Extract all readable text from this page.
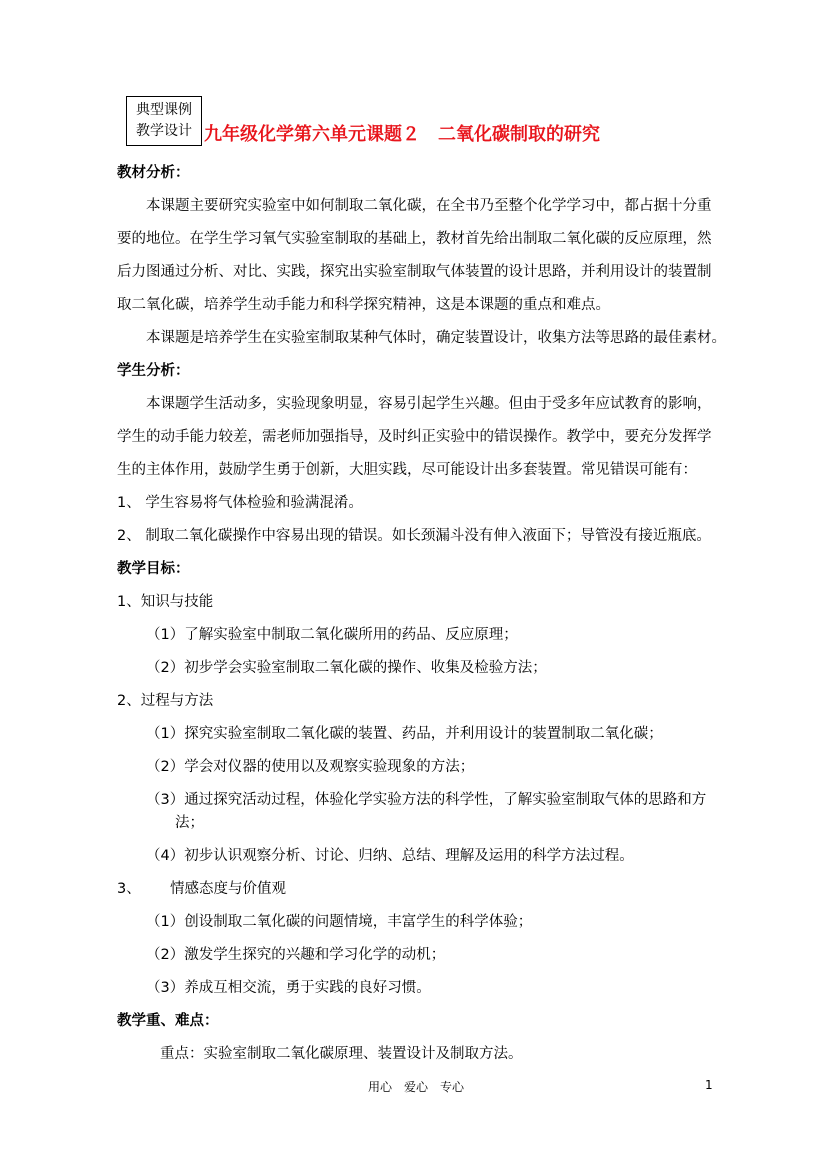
典型课例
教学设计 九年级化学第六单元课题２　二氧化碳制取的研究
教材分析：
本课题主要研究实验室中如何制取二氧化碳，在全书乃至整个化学学习中，都占据十分重
要的地位。在学生学习氧气实验室制取的基础上，教材首先给出制取二氧化碳的反应原理，然
后力图通过分析、对比、实践，探究出实验室制取气体装置的设计思路，并利用设计的装置制
取二氧化碳，培养学生动手能力和科学探究精神，这是本课题的重点和难点。
本课题是培养学生在实验室制取某种气体时，确定装置设计，收集方法等思路的最佳素材。
学生分析：
本课题学生活动多，实验现象明显，容易引起学生兴趣。但由于受多年应试教育的影响，
学生的动手能力较差，需老师加强指导，及时纠正实验中的错误操作。教学中，要充分发挥学
生的主体作用，鼓励学生勇于创新，大胆实践，尽可能设计出多套装置。常见错误可能有：
1、 学生容易将气体检验和验满混淆。
2、 制取二氧化碳操作中容易出现的错误。如长颈漏斗没有伸入液面下；导管没有接近瓶底。
教学目标：
1、知识与技能
（1）了解实验室中制取二氧化碳所用的药品、反应原理；
（2）初步学会实验室制取二氧化碳的操作、收集及检验方法；
2、过程与方法
（1）探究实验室制取二氧化碳的装置、药品，并利用设计的装置制取二氧化碳；
（2）学会对仪器的使用以及观察实验现象的方法；
（3）通过探究活动过程，体验化学实验方法的科学性，了解实验室制取气体的思路和方
法；
（4）初步认识观察分析、讨论、归纳、总结、理解及运用的科学方法过程。
3、 情感态度与价值观
（1）创设制取二氧化碳的问题情境，丰富学生的科学体验；
（2）激发学生探究的兴趣和学习化学的动机；
（3）养成互相交流，勇于实践的良好习惯。
教学重、难点：
重点：实验室制取二氧化碳原理、装置设计及制取方法。
用心　爱心　专心	1
